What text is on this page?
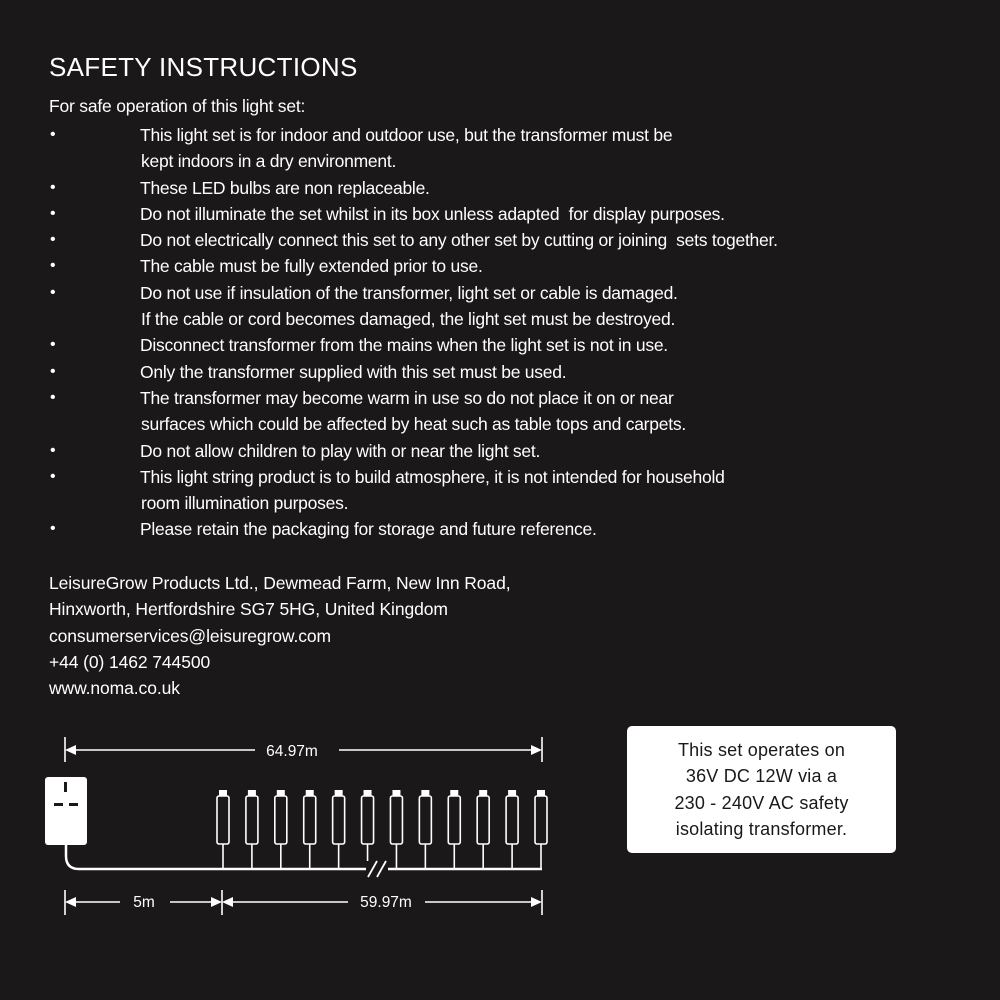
SAFETY INSTRUCTIONS
For safe operation of this light set:
•	This light set is for indoor and outdoor use, but the transformer must be
kept indoors in a dry environment.
•	These LED bulbs are non replaceable.
•	Do not illuminate the set whilst in its box unless adapted  for display purposes.
•	Do not electrically connect this set to any other set by cutting or joining  sets together.
•	The cable must be fully extended prior to use.
•	Do not use if insulation of the transformer, light set or cable is damaged.
If the cable or cord becomes damaged, the light set must be destroyed.
•	Disconnect transformer from the mains when the light set is not in use.
•	Only the transformer supplied with this set must be used.
•	The transformer may become warm in use so do not place it on or near
surfaces which could be affected by heat such as table tops and carpets.
•	Do not allow children to play with or near the light set.
•	This light string product is to build atmosphere, it is not intended for household
room illumination purposes.
•	Please retain the packaging for storage and future reference.
LeisureGrow Products Ltd., Dewmead Farm, New Inn Road,
Hinxworth, Hertfordshire SG7 5HG, United Kingdom
consumerservices@leisuregrow.com
+44 (0) 1462 744500
www.noma.co.uk
64.97m
5m	59.97m
This set operates on
36V DC 12W via a
230 - 240V AC safety
isolating transformer.
